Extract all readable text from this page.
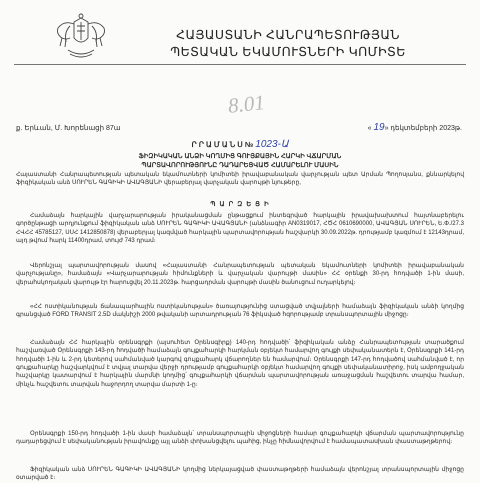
ՀԱՅԱՍՏԱՆԻ ՀԱՆՐԱՊԵՏՈՒԹՅԱՆ
ՊԵՏԱԿԱՆ ԵԿԱՄՈՒՏՆԵՐԻ ԿՈՄԻՏԵ
8.01
ք. Երևան, Մ. Խորենացի 87ա	« 19» դեկտեմբերի 2023թ.
Ր Ր Ա Մ Ա Ն Ս № 1023-Ա
ՖԻԶԻԿԱԿԱՆ ԱՆՁԻ ԿՈՂՄԻՑ ԳՈՒՅՔԱՅԻՆ ՀԱՐԿԻ ՎՃԱՐՄԱՆ
ՊԱՐՏԱՎՈՐՈՒԹՅՈՒՆԸ ԴԱԴԱՐԵՑՎԱԾ ՀԱՄԱՐԵԼՈՒ ՄԱՍԻՆ

Հայաստանի Հանրապետության պետական եկամուտների կոմիտեի իրավաբանական վարչության պետ Արման Պողոսյանս, քննարկելով ֆիզիկական անձ ՍՈՒՐԵՆ ԳԱԳԻԿԻ ԱՎԱԳՅԱՆԻ վերաբերյալ վարչական վարույթի նյութերը,

Պ Ա Ր Զ Ե Ց Ի

Համաձայն հարկային վարչարարության իրականացման ընթացքում ինտեգրված հարկային իրավախախտում հայտնաբերելու գործընթացի արդյունքում ֆիզիկական անձ ՍՈՒՐԵՆ ԳԱԳԻԿԻ ԱՎԱԳՅԱՆԻ (անձնագիր AN0319017, ՀԾՀ 0610690000, ԱՎԱԳՅԱՆ ՍՈՒՐԵՆ, Ե.Փ./27.3 ՀՎՀՀ 45785127, ՍՍՀ 1412850878) վերաբերյալ կազմված հարկային պարտավորության հաշվարկի 30.09.2022թ. դրությամբ կազմում է 12143դրամ, այդ թվում հարկ 11400դրամ, տույժ 743 դրամ։

Վերոնշյալ պարտավորության մասով «Հայաստանի Հանրապետության պետական եկամուտների կոմիտեի իրավաբանական վարչությանը», համաձայն «Վարչարարության հիմունքների և վարչական վարույթի մասին» ՀՀ օրենքի 30-րդ հոդվածի 1-ին մասի, վերահսկողական վարույթ էր հարուցվել 20.11.2023թ. հարցադրման վարույթի մասին ծանուցում ուղարկելով։

«ՀՀ ոստիկանության ճանապարհային ոստիկանության» ծառայությունից ստացված տվյալների համաձայն ֆիզիկական անձի կողմից գրանցված FORD TRANSIT 2.5D մակնիշի 2000 թվականի արտադրության 76 ֆիկսված հզորությամբ տրանսպորտային միջոցը։

Համաձայն ՀՀ հարկային օրենսգրքի (այսուհետ Օրենսգիրք) 140-րդ հոդվածի՝ ֆիզիկական անձը Հանրապետության տարածքում հաշվառված Օրենսգրքի 143-րդ հոդվածի համաձայն գույքահարկի հարկման օբյեկտ համարվող գույքի սեփականատերն է, Օրենսգրքի 141-րդ հոդվածի 1-ին և 2-րդ կետերով սահմանված կարգով գույքահարկ վճարողներ են համարվում։ Օրենսգրքի 147-րդ հոդվածով սահմանված է, որ գույքահարկը հաշվարկվում է տվյալ տարվա վերջի դրությամբ գույքահարկի օբյեկտ համարվող գույքի սեփականատիրոջ, իսկ ամբողջական հաշվարկը կատարվում է հարկային մարմնի կողմից՝ գույքահարկի վճարման պարտավորության առաջացման հաշվետու տարվա համար, մինչև հաշվետու տարվան հաջորդող տարվա մարտի 1-ը։

Օրենսգրքի 150-րդ հոդվածի 1-ին մասի համաձայն՝ տրանսպորտային միջոցների համար գույքահարկի վճարման պարտավորությունը դադարեցվում է սեփականության իրավունքը այլ անձի փոխանցվելու պահից, ինչը հիմնավորվում է համապատասխան փաստաթղթերով։

Ֆիզիկական անձ ՍՈՒՐԵՆ ԳԱԳԻԿԻ ԱՎԱԳՅԱՆԻ կողմից ներկայացված փաստաթղթերի համաձայն վերոնշյալ տրանսպորտային միջոցը օտարված է։
